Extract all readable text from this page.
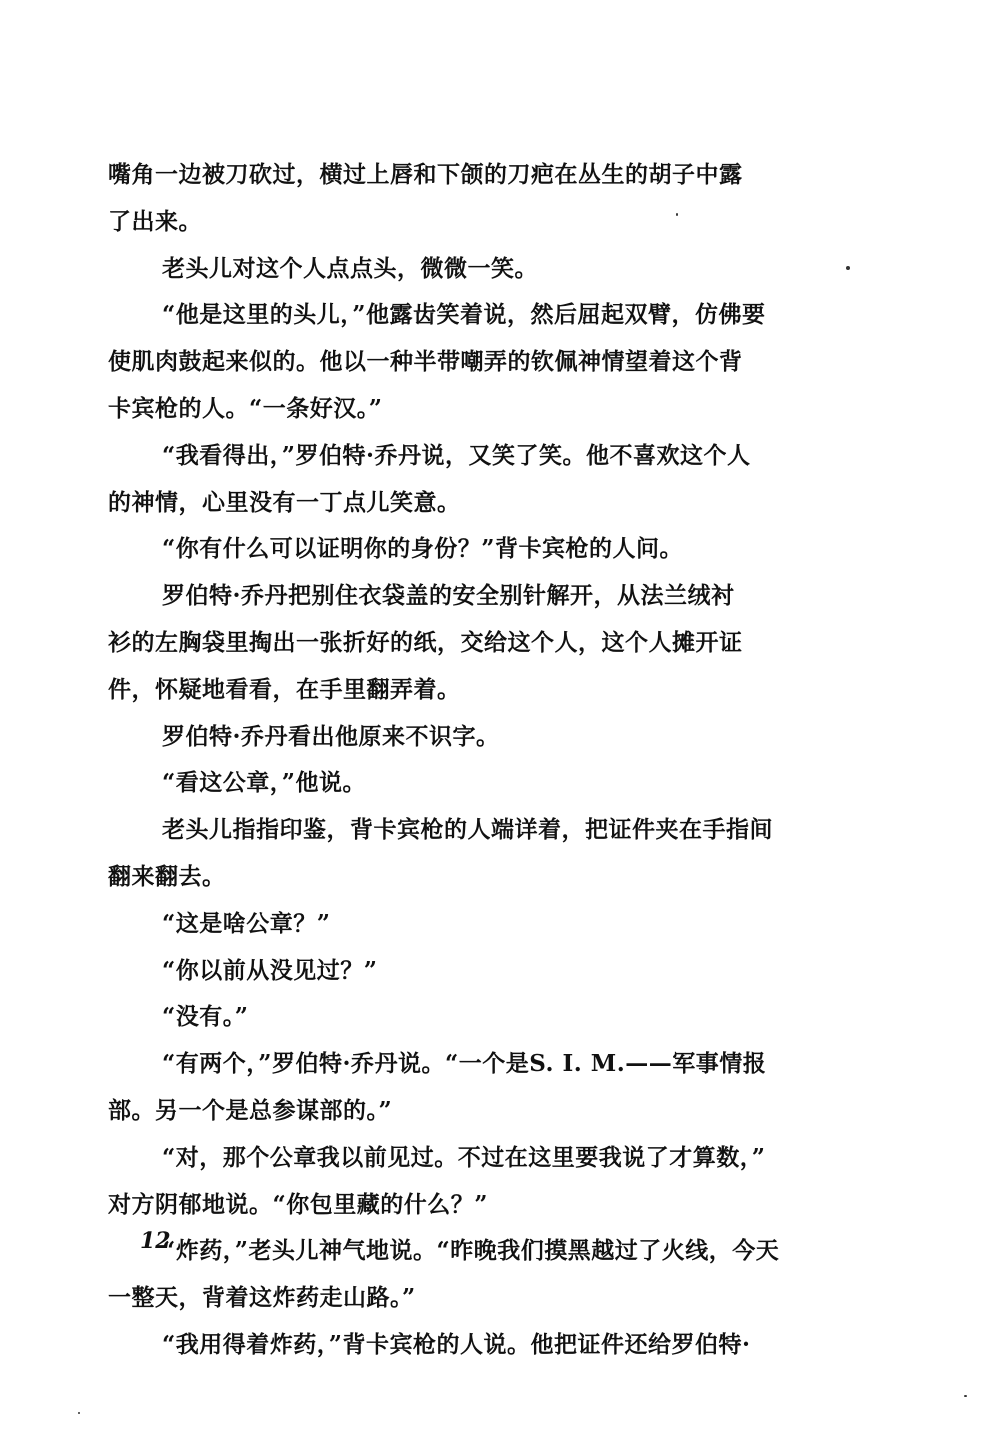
嘴角一边被刀砍过，横过上唇和下颌的刀疤在丛生的胡子中露
了出来。
老头儿对这个人点点头，微微一笑。
“他是这里的头儿，”他露齿笑着说，然后屈起双臂，仿佛要
使肌肉鼓起来似的。他以一种半带嘲弄的钦佩神情望着这个背
卡宾枪的人。“一条好汉。”
“我看得出，”罗伯特·乔丹说，又笑了笑。他不喜欢这个人
的神情，心里没有一丁点儿笑意。
“你有什么可以证明你的身份？”背卡宾枪的人问。
罗伯特·乔丹把别住衣袋盖的安全别针解开，从法兰绒衬
衫的左胸袋里掏出一张折好的纸，交给这个人，这个人摊开证
件，怀疑地看看，在手里翻弄着。
罗伯特·乔丹看出他原来不识字。
“看这公章，”他说。
老头儿指指印鉴，背卡宾枪的人端详着，把证件夹在手指间
翻来翻去。
“这是啥公章？”
“你以前从没见过？”
“没有。”
“有两个，”罗伯特·乔丹说。“一个是S. I. M.——军事情报
部。另一个是总参谋部的。”
“对，那个公章我以前见过。不过在这里要我说了才算数，”
对方阴郁地说。“你包里藏的什么？”
“炸药，”老头儿神气地说。“昨晚我们摸黑越过了火线，今天
一整天，背着这炸药走山路。”
“我用得着炸药，”背卡宾枪的人说。他把证件还给罗伯特·
12
